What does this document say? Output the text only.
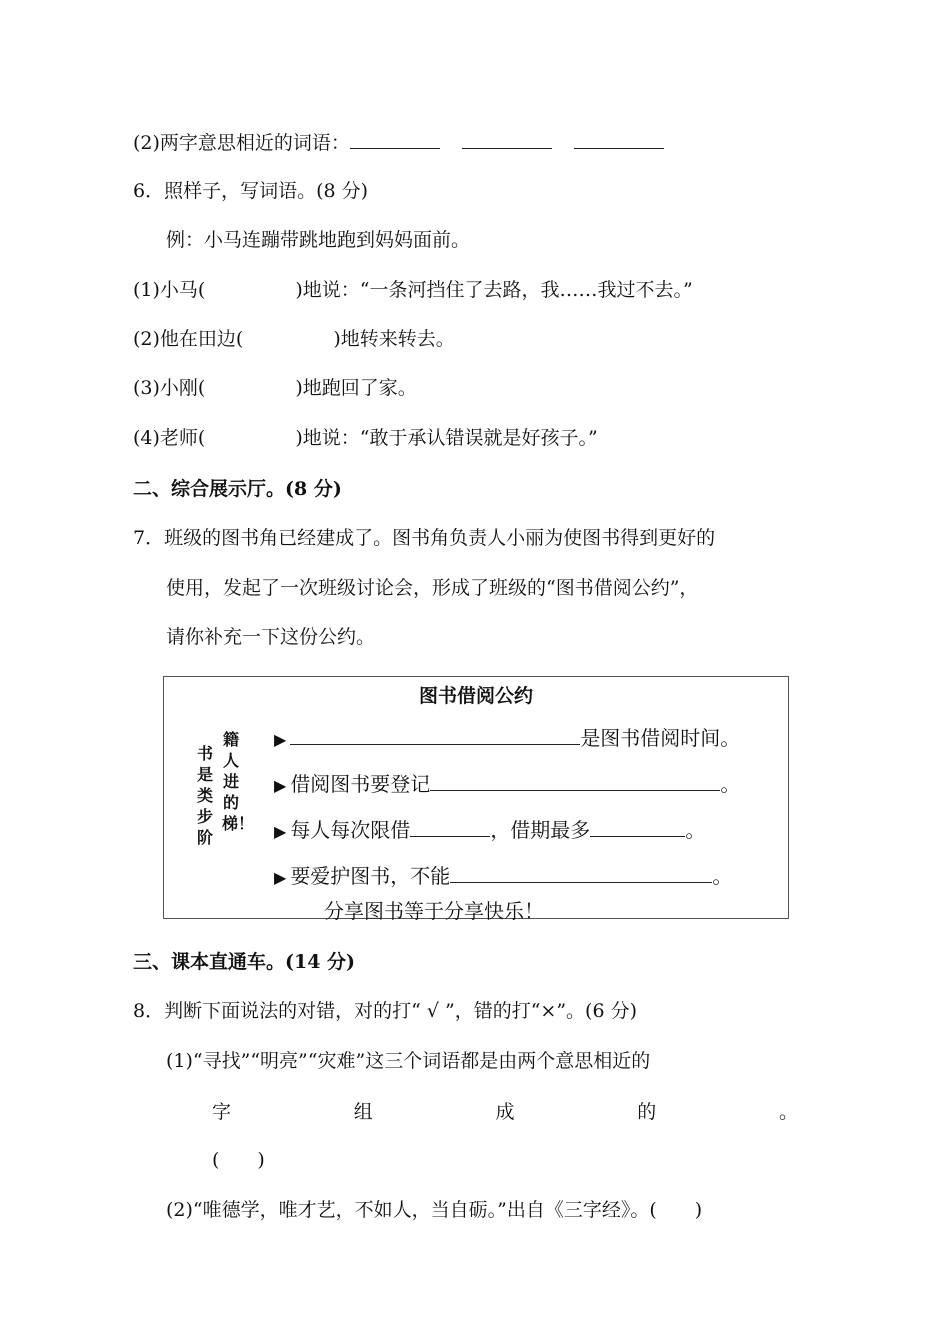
(2)两字意思相近的词语：
6．照样子，写词语。(8 分)
例：小马连蹦带跳地跑到妈妈面前。
(1)小马(	)地说：“一条河挡住了去路，我……我过不去。”
(2)他在田边(	)地转来转去。
(3)小刚(	)地跑回了家。
(4)老师(	)地说：“敢于承认错误就是好孩子。”
二、综合展示厅。(8 分)
7．班级的图书角已经建成了。图书角负责人小丽为使图书得到更好的
使用，发起了一次班级讨论会，形成了班级的“图书借阅公约”，
请你补充一下这份公约。
图书借阅公约
书
是
类
步
阶
籍
人
进
的
梯！
▶	是图书借阅时间。
▶ 借阅图书要登记	。
▶ 每人每次限借	，借期最多	。
▶ 要爱护图书，不能	。
分享图书等于分享快乐！
三、课本直通车。(14 分)
8．判断下面说法的对错，对的打“ √ ”，错的打“×”。(6 分)
(1)“寻找”“明亮”“灾难”这三个词语都是由两个意思相近的
字	组	成	的	。
(　　)
(2)“唯德学，唯才艺，不如人，当自砺。”出自《三字经》。(　　)
